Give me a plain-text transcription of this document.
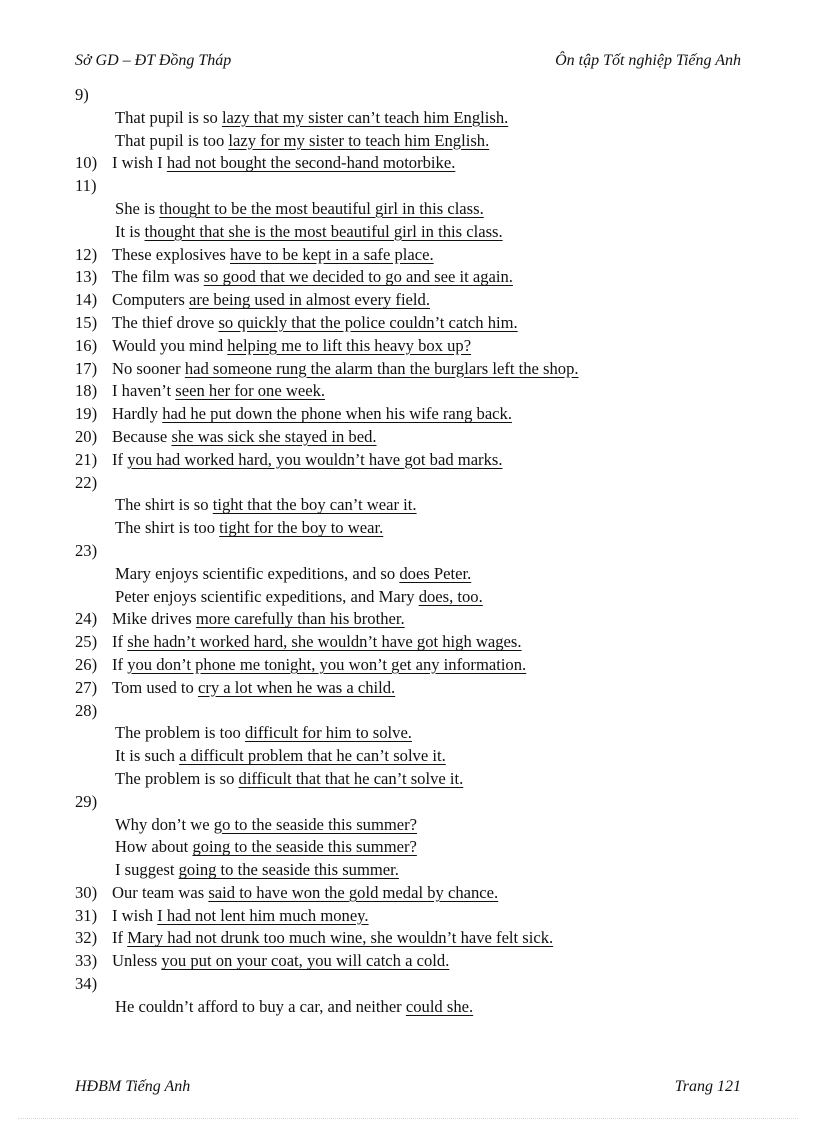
Sở GD – ĐT Đồng Tháp	Ôn tập Tốt nghiệp Tiếng Anh
9)
That pupil is so lazy that my sister can’t teach him English.
That pupil is too lazy for my sister to teach him English.
10) I wish I had not bought the second-hand motorbike.
11)
She is thought to be the most beautiful girl in this class.
It is thought that she is the most beautiful girl in this class.
12) These explosives have to be kept in a safe place.
13) The film was so good that we decided to go and see it again.
14) Computers are being used in almost every field.
15) The thief drove so quickly that the police couldn’t catch him.
16) Would you mind helping me to lift this heavy box up?
17) No sooner had someone rung the alarm than the burglars left the shop.
18) I haven’t seen her for one week.
19) Hardly had he put down the phone when his wife rang back.
20) Because she was sick she stayed in bed.
21) If you had worked hard, you wouldn’t have got bad marks.
22)
The shirt is so tight that the boy can’t wear it.
The shirt is too tight for the boy to wear.
23)
Mary enjoys scientific expeditions, and so does Peter.
Peter enjoys scientific expeditions, and Mary does, too.
24) Mike drives more carefully than his brother.
25) If she hadn’t worked hard, she wouldn’t have got high wages.
26) If you don’t phone me tonight, you won’t get any information.
27) Tom used to cry a lot when he was a child.
28)
The problem is too difficult for him to solve.
It is such a difficult problem that he can’t solve it.
The problem is so difficult that that he can’t solve it.
29)
Why don’t we go to the seaside this summer?
How about going to the seaside this summer?
I suggest going to the seaside this summer.
30) Our team was said to have won the gold medal by chance.
31) I wish I had not lent him much money.
32) If Mary had not drunk too much wine, she wouldn’t have felt sick.
33) Unless you put on your coat, you will catch a cold.
34)
He couldn’t afford to buy a car, and neither could she.
HĐBM Tiếng Anh	Trang 121
